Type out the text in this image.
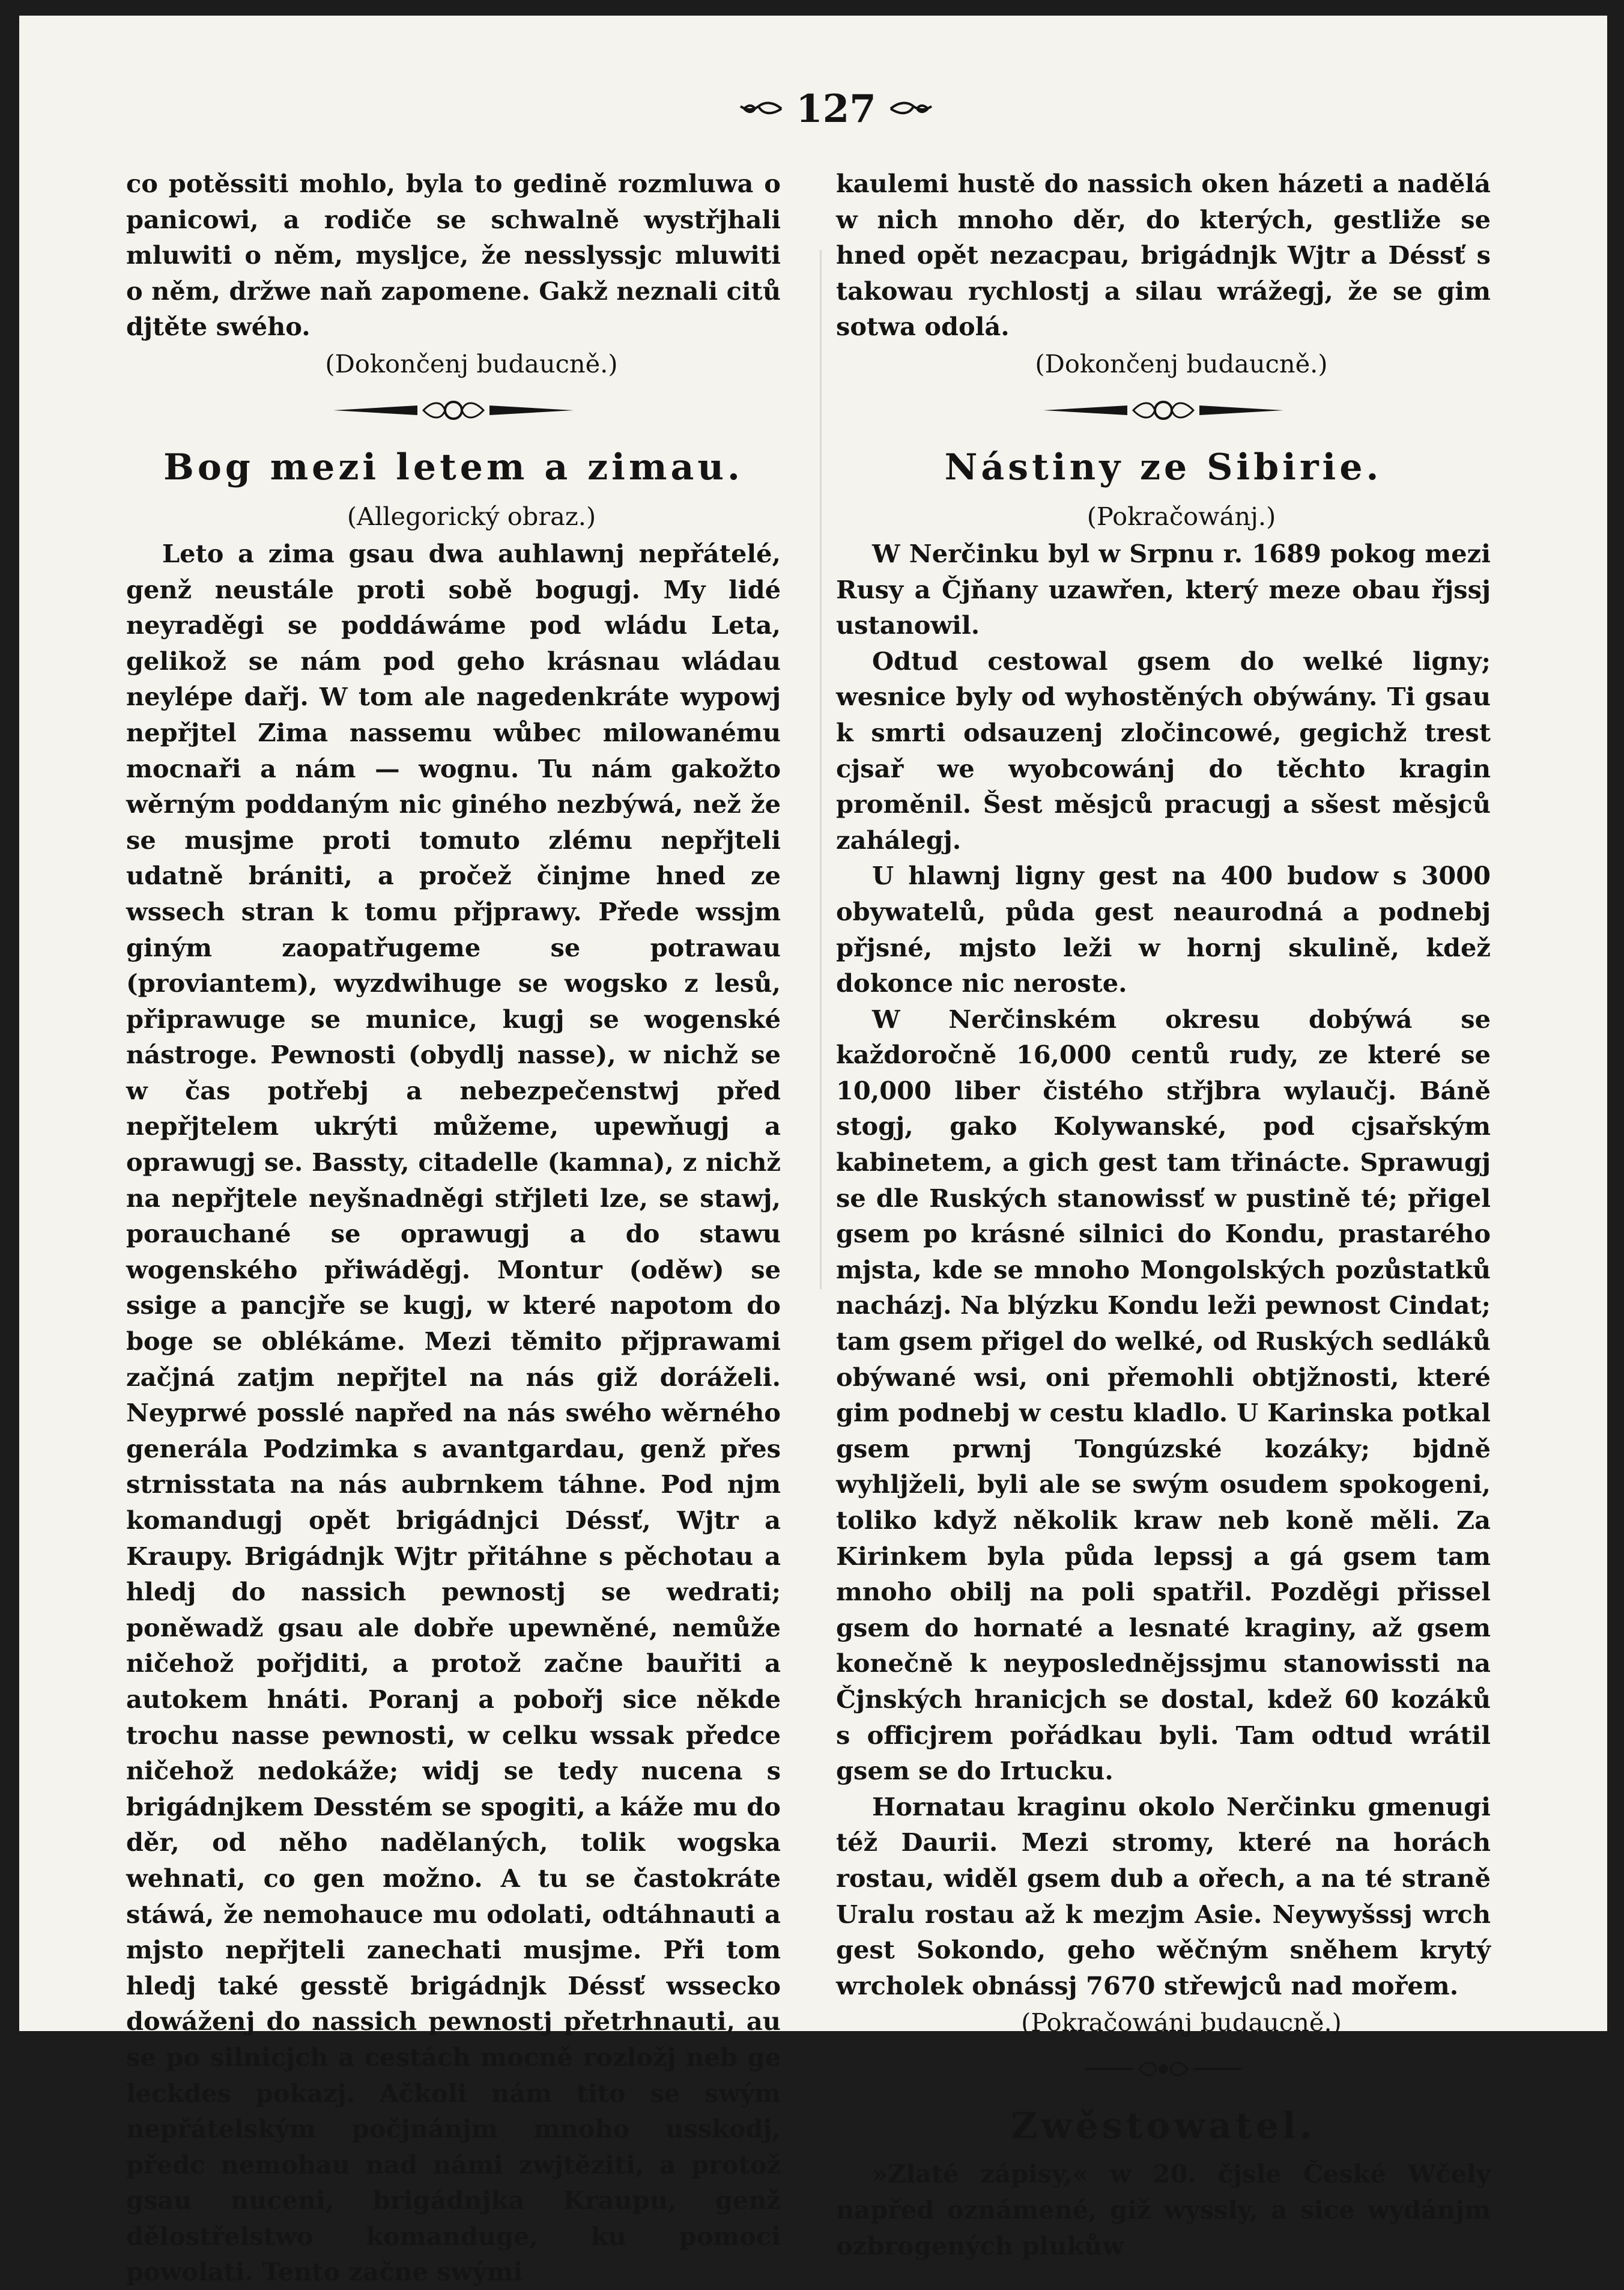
127

co potěssiti mohlo, byla to gedině rozmluwa o panicowi, a rodiče se schwalně wystřjhali mluwiti o něm, mysljce, že nesslyssjc mluwiti o něm, držwe naň zapomene. Gakž neznali citů djtěte swého.

(Dokončenj budaucně.)

Bog mezi letem a zimau.

(Allegorický obraz.)

Leto a zima gsau dwa auhlawnj nepřátelé, genž neustále proti sobě bogugj. My lidé neyraděgi se poddáwáme pod wládu Leta, gelikož se nám pod geho krásnau wládau neylépe dařj. W tom ale nagedenkráte wypowj nepřjtel Zima nassemu wůbec milowanému mocnaři a nám — wognu. Tu nám gakožto wěrným poddaným nic giného nezbýwá, než že se musjme proti tomuto zlému nepřjteli udatně brániti, a pročež činjme hned ze wssech stran k tomu přjprawy. Přede wssjm giným zaopatřugeme se potrawau (proviantem), wyzdwihuge se wogsko z lesů, připrawuge se munice, kugj se wogenské nástroge. Pewnosti (obydlj nasse), w nichž se w čas potřebj a nebezpečenstwj před nepřjtelem ukrýti můžeme, upewňugj a oprawugj se. Bassty, citadelle (kamna), z nichž na nepřjtele neyšnadněgi střjleti lze, se stawj, porauchané se oprawugj a do stawu wogenského přiwáděgj. Montur (oděw) se ssige a pancjře se kugj, w které napotom do boge se oblékáme. Mezi těmito přjprawami začjná zatjm nepřjtel na nás giž doráželi. Neyprwé posslé napřed na nás swého wěrného generála Podzimka s avantgardau, genž přes strnisstata na nás aubrnkem táhne. Pod njm komandugj opět brigádnjci Déssť, Wjtr a Kraupy. Brigádnjk Wjtr přitáhne s pěchotau a hledj do nassich pewnostj se wedrati; poněwadž gsau ale dobře upewněné, nemůže ničehož pořjditi, a protož začne bauřiti a autokem hnáti. Poranj a pobořj sice někde trochu nasse pewnosti, w celku wssak předce ničehož nedokáže; widj se tedy nucena s brigádnjkem Desstém se spogiti, a káže mu do děr, od něho nadělaných, tolik wogska wehnati, co gen možno. A tu se častokráte stáwá, že nemohauce mu odolati, odtáhnauti a mjsto nepřjteli zanechati musjme. Při tom hledj také gesstě brigádnjk Déssť wssecko dowáženj do nassich pewnostj přetrhnauti, au se po silnicjch a cestách mocně rozložj neb ge leckdes pokazj. Ačkoli nám tito se swým nepřátelským počjnánjm mnoho usskodj, předc nemohau nad námi zwjtěziti, a protož gsau nuceni, brigádnjka Kraupu, genž dělostřelstwo komanduge, ku pomoci powolati. Tento začne swými

kaulemi hustě do nassich oken házeti a nadělá w nich mnoho děr, do kterých, gestliže se hned opět nezacpau, brigádnjk Wjtr a Déssť s takowau rychlostj a silau wrážegj, že se gim sotwa odolá.

(Dokončenj budaucně.)

Nástiny ze Sibirie.

(Pokračowánj.)

W Nerčinku byl w Srpnu r. 1689 pokog mezi Rusy a Čjňany uzawřen, který meze obau řjssj ustanowil.

Odtud cestowal gsem do welké ligny; wesnice byly od wyhostěných obýwány. Ti gsau k smrti odsauzenj zločincowé, gegichž trest cjsař we wyobcowánj do těchto kragin proměnil. Šest měsjců pracugj a sšest měsjců zahálegj.

U hlawnj ligny gest na 400 budow s 3000 obywatelů, půda gest neaurodná a podnebj přjsné, mjsto leži w hornj skulině, kdež dokonce nic neroste.

W Nerčinském okresu dobýwá se každoročně 16,000 centů rudy, ze které se 10,000 liber čistého střjbra wylaučj. Báně stogj, gako Kolywanské, pod cjsařským kabinetem, a gich gest tam třinácte. Sprawugj se dle Ruských stanowissť w pustině té; přigel gsem po krásné silnici do Kondu, prastarého mjsta, kde se mnoho Mongolských pozůstatků nacházj. Na blýzku Kondu leži pewnost Cindat; tam gsem přigel do welké, od Ruských sedláků obýwané wsi, oni přemohli obtjžnosti, které gim podnebj w cestu kladlo. U Karinska potkal gsem prwnj Tongúzské kozáky; bjdně wyhljželi, byli ale se swým osudem spokogeni, toliko když několik kraw neb koně měli. Za Kirinkem byla půda lepssj a gá gsem tam mnoho obilj na poli spatřil. Pozděgi přissel gsem do hornaté a lesnaté kraginy, až gsem konečně k neyposlednějssjmu stanowissti na Čjnských hranicjch se dostal, kdež 60 kozáků s officjrem pořádkau byli. Tam odtud wrátil gsem se do Irtucku.

Hornatau kraginu okolo Nerčinku gmenugi též Daurii. Mezi stromy, které na horách rostau, widěl gsem dub a ořech, a na té straně Uralu rostau až k mezjm Asie. Neywyšssj wrch gest Sokondo, geho wěčným sněhem krytý wrcholek obnássj 7670 střewjců nad mořem.

(Pokračowánj budaucně.)

Zwěstowatel.

»Zlaté zápisy,« w 20. čjsle České Wčely napřed oznámené, giž wyssly, a sice wydánjm ozbrogených plukůw
